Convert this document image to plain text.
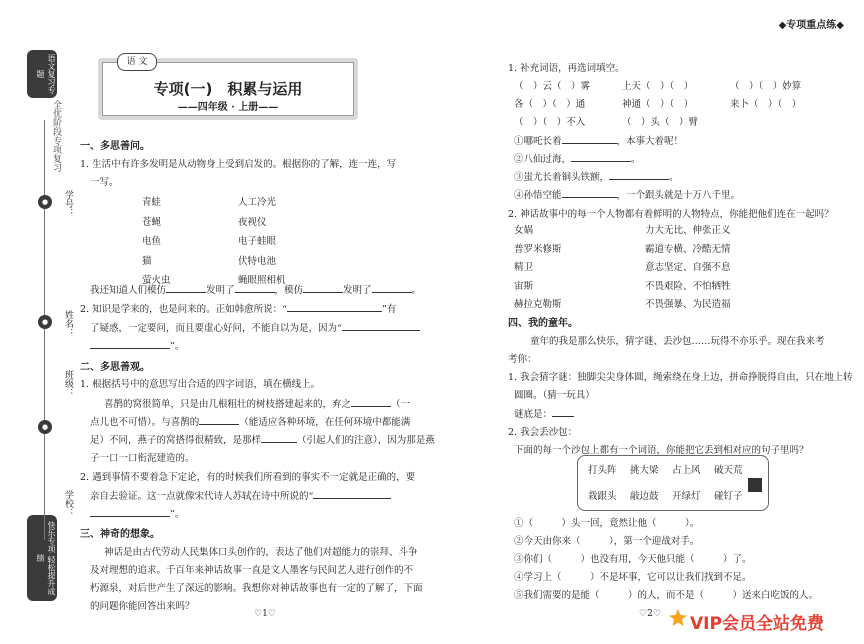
语文复习专题
全优阶段专项复习
学号：
姓名：
班级：
学校：
快乐专项 轻松提升成绩
●
●
●
语 文
专项(一)　积累与运用
——四年级 · 上册——
一、多思善问。
1. 生活中有许多发明是从动物身上受到启发的。根据你的了解，连一连，写
一写。
青蛙
苍蝇
电鱼
猫
萤火虫
人工冷光
夜视仪
电子蛙眼
伏特电池
蝇眼照相机
我还知道人们模仿	发明了	，模仿	发明了	。
2. 知识是学来的，也是问来的。正如韩愈所说：“	”有
了疑惑，一定要问，而且要虚心好问，不能自以为是，因为“
”。
二、多思善观。
1. 根据括号中的意思写出合适的四字词语，填在横线上。
喜鹊的窝很简单，只是由几根粗壮的树枝搭建起来的，弃之	（一
点儿也不可惜）。与喜鹊的	（能适应各种环境，在任何环境中都能满
足）不同，燕子的窝搭得很精致，是那样	（引起人们的注意），因为那是燕
子一口一口衔泥建造的。
2. 遇到事情不要着急下定论，有的时候我们所看到的事实不一定就是正确的，要
亲自去验证。这一点就像宋代诗人苏轼在诗中所说的“
”。
三、神奇的想象。
神话是由古代劳动人民集体口头创作的，表达了他们对超能力的崇拜、斗争
及对理想的追求。千百年来神话故事一直是文人墨客与民间艺人进行创作的不
朽源泉，对后世产生了深远的影响。我想你对神话故事也有一定的了解了，下面
的问题你能回答出来吗？
♡1♡
◆专项重点练◆
1. 补充词语，再选词填空。
（　）云（　）雾	上天（　）（　）	（　）（　）妙算
各（　）（　）通	神通（　）（　）	来卜（　）（　）
（　）（　）不入	（　）头（　）臂
①哪吒长着	，本事大着呢！
②八仙过海，	。
③蚩尤长着铜头铁额，	。
④孙悟空能	，一个跟头就是十万八千里。
2. 神话故事中的每一个人物都有着鲜明的人物特点，你能把他们连在一起吗？
女娲
普罗米修斯
精卫
宙斯
赫拉克勒斯
力大无比、伸张正义
霸道专横、冷酷无情
意志坚定、自强不息
不畏艰险、不怕牺牲
不畏强暴、为民造福
四、我的童年。
童年的我是那么快乐，猜字谜、丢沙包……玩得不亦乐乎。现在我来考
考你：
1. 我会猜字谜：独脚尖尖身体圆，绳索绕在身上边，拼命挣脱得自由，只在地上转
圆圈。（猜一玩具）
谜底是：
2. 我会丢沙包：
下面的每一个沙包上都有一个词语，你能把它丢到相对应的句子里吗？
打头阵 挑大梁 占上风 破天荒
栽跟头 敲边鼓 开绿灯 碰钉子
①（　　　）头一回，竟然让他（　　　）。
②今天由你来（　　　），第一个迎战对手。
③你们（　　　）也没有用，今天他只能（　　　）了。
④学习上（　　　）不是坏事，它可以让我们找到不足。
⑤我们需要的是能（　　　）的人，而不是（　　　）送来白吃饭的人。
♡2♡	VIP会员全站免费
